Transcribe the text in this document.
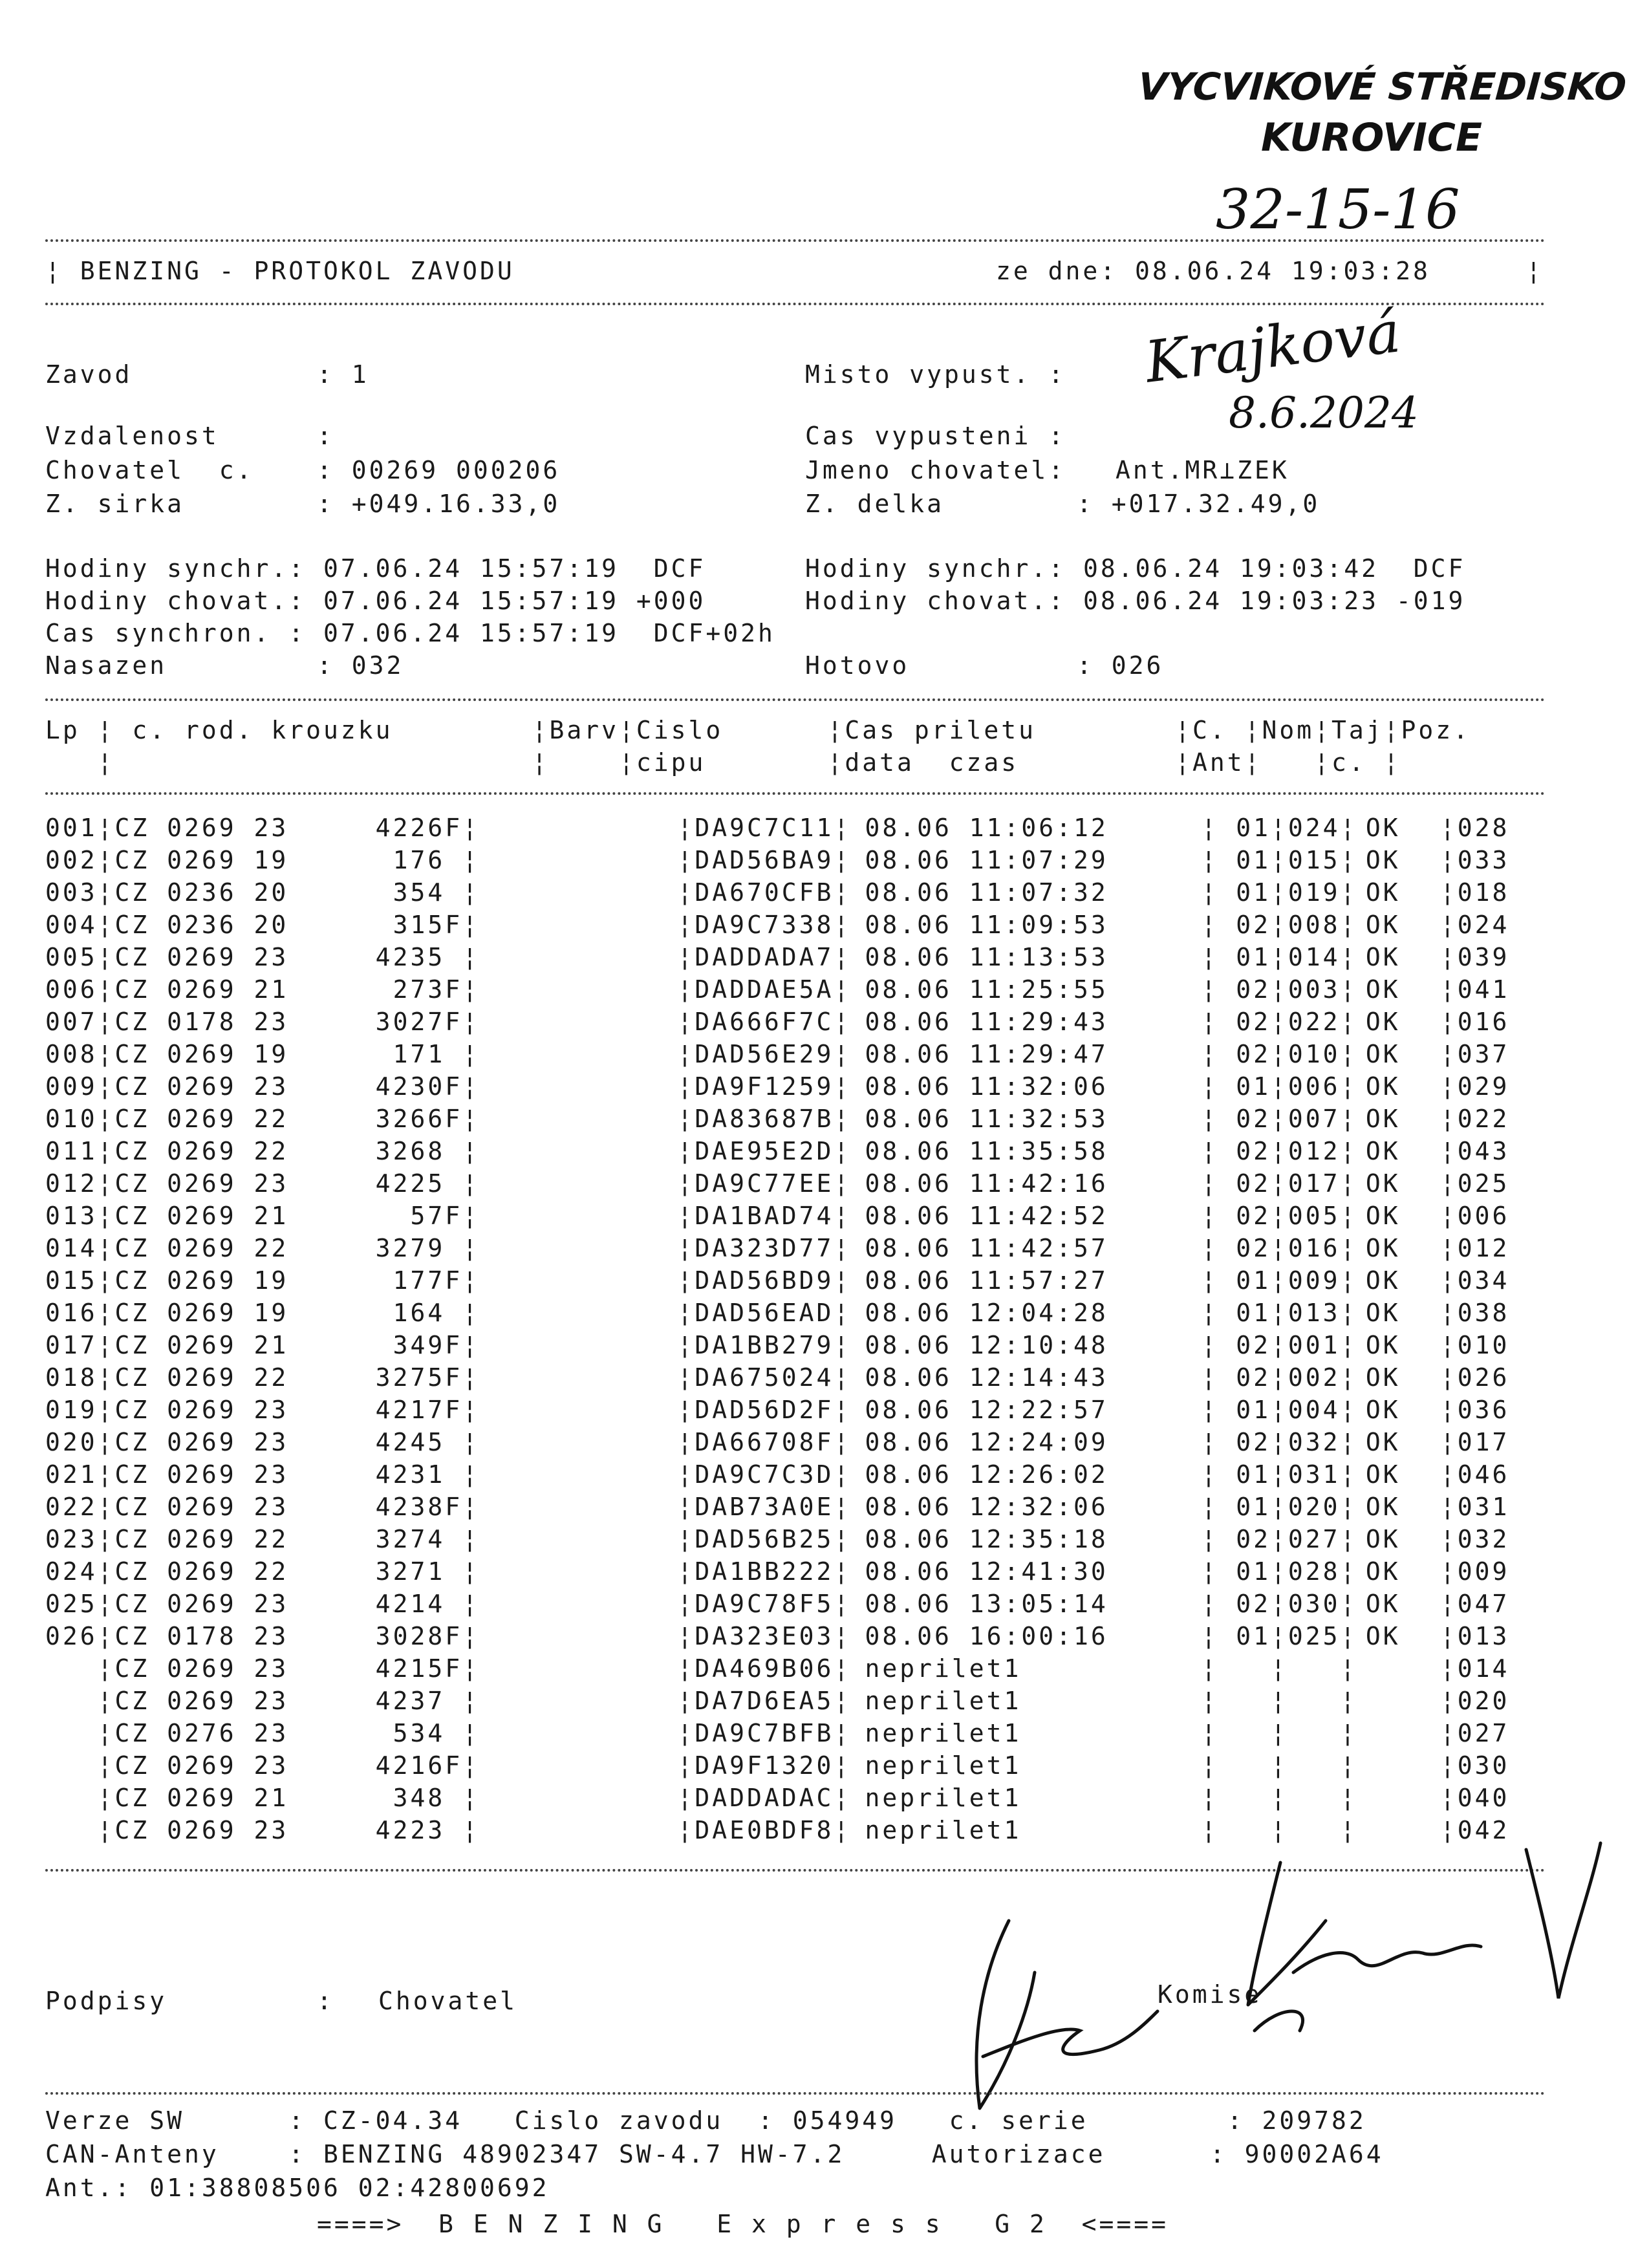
VYCVIKOVÉ STŘEDISKO
KUROVICE
32-15-16
¦ BENZING - PROTOKOL ZAVODU	ze dne: 08.06.24 19:03:28	¦
Zavod	: 1	Misto vypust. : Krajková
8.6.2024
Vzdalenost	:	Cas vypusteni :
Chovatel  c.	: 00269 000206	Jmeno chovatel: Ant.MR⊥ZEK
Z. sirka	: +049.16.33,0	Z. delka	: +017.32.49,0
Hodiny synchr.: 07.06.24 15:57:19  DCF	Hodiny synchr.: 08.06.24 19:03:42  DCF
Hodiny chovat.: 07.06.24 15:57:19 +000	Hodiny chovat.: 08.06.24 19:03:23 -019
Cas synchron. : 07.06.24 15:57:19  DCF+02h
Nasazen	: 032	Hotovo	: 026
Lp ¦ c. rod. krouzku        ¦Barv¦Cislo      ¦Cas priletu        ¦C. ¦Nom¦Taj¦Poz.
¦                        ¦    ¦cipu       ¦data  czas         ¦Ant¦   ¦c. ¦
001¦	CZ 0269 23     4226F¦		¦DA9C7C11¦	08.06 11:06:12	¦ 01¦	024¦	OK	¦028
002¦	CZ 0269 19      176 ¦		¦DAD56BA9¦	08.06 11:07:29	¦ 01¦	015¦	OK	¦033
003¦	CZ 0236 20      354 ¦		¦DA670CFB¦	08.06 11:07:32	¦ 01¦	019¦	OK	¦018
004¦	CZ 0236 20      315F¦		¦DA9C7338¦	08.06 11:09:53	¦ 02¦	008¦	OK	¦024
005¦	CZ 0269 23     4235 ¦		¦DADDADA7¦	08.06 11:13:53	¦ 01¦	014¦	OK	¦039
006¦	CZ 0269 21      273F¦		¦DADDAE5A¦	08.06 11:25:55	¦ 02¦	003¦	OK	¦041
007¦	CZ 0178 23     3027F¦		¦DA666F7C¦	08.06 11:29:43	¦ 02¦	022¦	OK	¦016
008¦	CZ 0269 19      171 ¦		¦DAD56E29¦	08.06 11:29:47	¦ 02¦	010¦	OK	¦037
009¦	CZ 0269 23     4230F¦		¦DA9F1259¦	08.06 11:32:06	¦ 01¦	006¦	OK	¦029
010¦	CZ 0269 22     3266F¦		¦DA83687B¦	08.06 11:32:53	¦ 02¦	007¦	OK	¦022
011¦	CZ 0269 22     3268 ¦		¦DAE95E2D¦	08.06 11:35:58	¦ 02¦	012¦	OK	¦043
012¦	CZ 0269 23     4225 ¦		¦DA9C77EE¦	08.06 11:42:16	¦ 02¦	017¦	OK	¦025
013¦	CZ 0269 21       57F¦		¦DA1BAD74¦	08.06 11:42:52	¦ 02¦	005¦	OK	¦006
014¦	CZ 0269 22     3279 ¦		¦DA323D77¦	08.06 11:42:57	¦ 02¦	016¦	OK	¦012
015¦	CZ 0269 19      177F¦		¦DAD56BD9¦	08.06 11:57:27	¦ 01¦	009¦	OK	¦034
016¦	CZ 0269 19      164 ¦		¦DAD56EAD¦	08.06 12:04:28	¦ 01¦	013¦	OK	¦038
017¦	CZ 0269 21      349F¦		¦DA1BB279¦	08.06 12:10:48	¦ 02¦	001¦	OK	¦010
018¦	CZ 0269 22     3275F¦		¦DA675024¦	08.06 12:14:43	¦ 02¦	002¦	OK	¦026
019¦	CZ 0269 23     4217F¦		¦DAD56D2F¦	08.06 12:22:57	¦ 01¦	004¦	OK	¦036
020¦	CZ 0269 23     4245 ¦		¦DA66708F¦	08.06 12:24:09	¦ 02¦	032¦	OK	¦017
021¦	CZ 0269 23     4231 ¦		¦DA9C7C3D¦	08.06 12:26:02	¦ 01¦	031¦	OK	¦046
022¦	CZ 0269 23     4238F¦		¦DAB73A0E¦	08.06 12:32:06	¦ 01¦	020¦	OK	¦031
023¦	CZ 0269 22     3274 ¦		¦DAD56B25¦	08.06 12:35:18	¦ 02¦	027¦	OK	¦032
024¦	CZ 0269 22     3271 ¦		¦DA1BB222¦	08.06 12:41:30	¦ 01¦	028¦	OK	¦009
025¦	CZ 0269 23     4214 ¦		¦DA9C78F5¦	08.06 13:05:14	¦ 02¦	030¦	OK	¦047
026¦	CZ 0178 23     3028F¦		¦DA323E03¦	08.06 16:00:16	¦ 01¦	025¦	OK	¦013
¦	CZ 0269 23     4215F¦		¦DA469B06¦	neprilet1	¦   ¦	¦		¦014
¦	CZ 0269 23     4237 ¦		¦DA7D6EA5¦	neprilet1	¦   ¦	¦		¦020
¦	CZ 0276 23      534 ¦		¦DA9C7BFB¦	neprilet1	¦   ¦	¦		¦027
¦	CZ 0269 23     4216F¦		¦DA9F1320¦	neprilet1	¦   ¦	¦		¦030
¦	CZ 0269 21      348 ¦		¦DADDADAC¦	neprilet1	¦   ¦	¦		¦040
¦	CZ 0269 23     4223 ¦		¦DAE0BDF8¦	neprilet1	¦   ¦	¦		¦042
Podpisy	: Chovatel	Komise
Verze SW      : CZ-04.34   Cislo zavodu  : 054949   c. serie        : 209782
CAN-Anteny    : BENZING 48902347 SW-4.7 HW-7.2     Autorizace      : 90002A64
Ant.: 01:38808506 02:42800692
====>  B E N Z I N G   E x p r e s s   G 2  <====
